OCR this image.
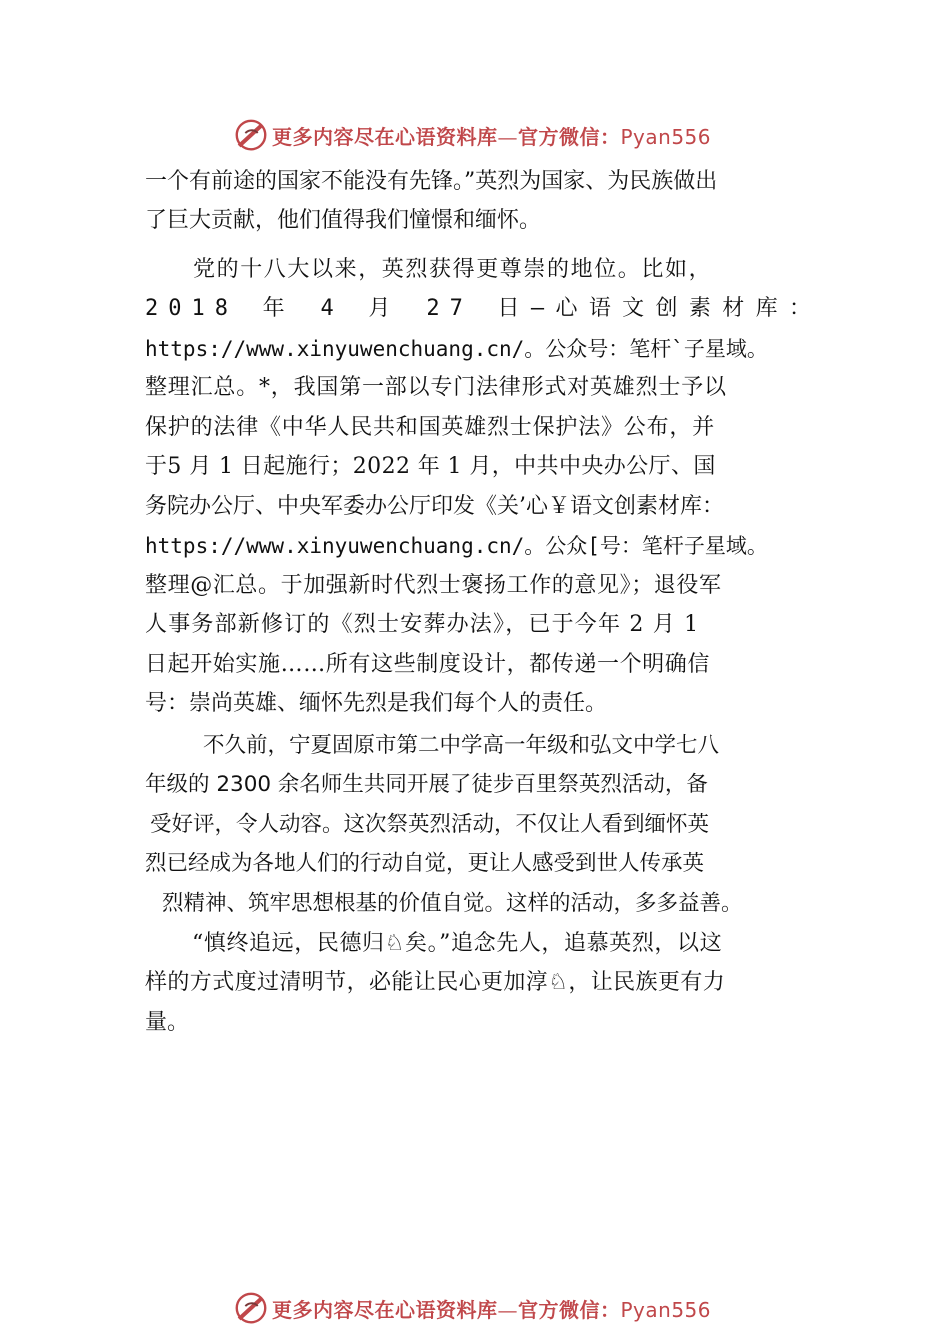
更多内容尽在心语资料库—官方微信：Pyan556
一个有前途的国家不能没有先锋。”英烈为国家、为民族做出
了巨大贡献，他们值得我们憧憬和缅怀。
党的十八大以来，英烈获得更尊崇的地位。比如，
2018 年 4 月 27 日—心语文创素材库：
https://www.xinyuwenchuang.cn/。公众号：笔杆`子星域。
整理汇总。*，我国第一部以专门法律形式对英雄烈士予以
保护的法律《中华人民共和国英雄烈士保护法》公布，并
于5 月 1 日起施行；2022 年 1 月，中共中央办公厅、国
务院办公厅、中央军委办公厅印发《关’心￥语文创素材库：
https://www.xinyuwenchuang.cn/。公众[号：笔杆子星域。
整理@汇总。于加强新时代烈士褒扬工作的意见》；退役军
人事务部新修订的《烈士安葬办法》，已于今年 2 月 1
日起开始实施……所有这些制度设计，都传递一个明确信
号：崇尚英雄、缅怀先烈是我们每个人的责任。
不久前，宁夏固原市第二中学高一年级和弘文中学七八
年级的 2300 余名师生共同开展了徒步百里祭英烈活动，备
受好评，令人动容。这次祭英烈活动，不仅让人看到缅怀英
烈已经成为各地人们的行动自觉，更让人感受到世人传承英
烈精神、筑牢思想根基的价值自觉。这样的活动，多多益善。
“慎终追远，民德归♘矣。”追念先人，追慕英烈，以这
样的方式度过清明节，必能让民心更加淳♘，让民族更有力
量。
更多内容尽在心语资料库—官方微信：Pyan556
